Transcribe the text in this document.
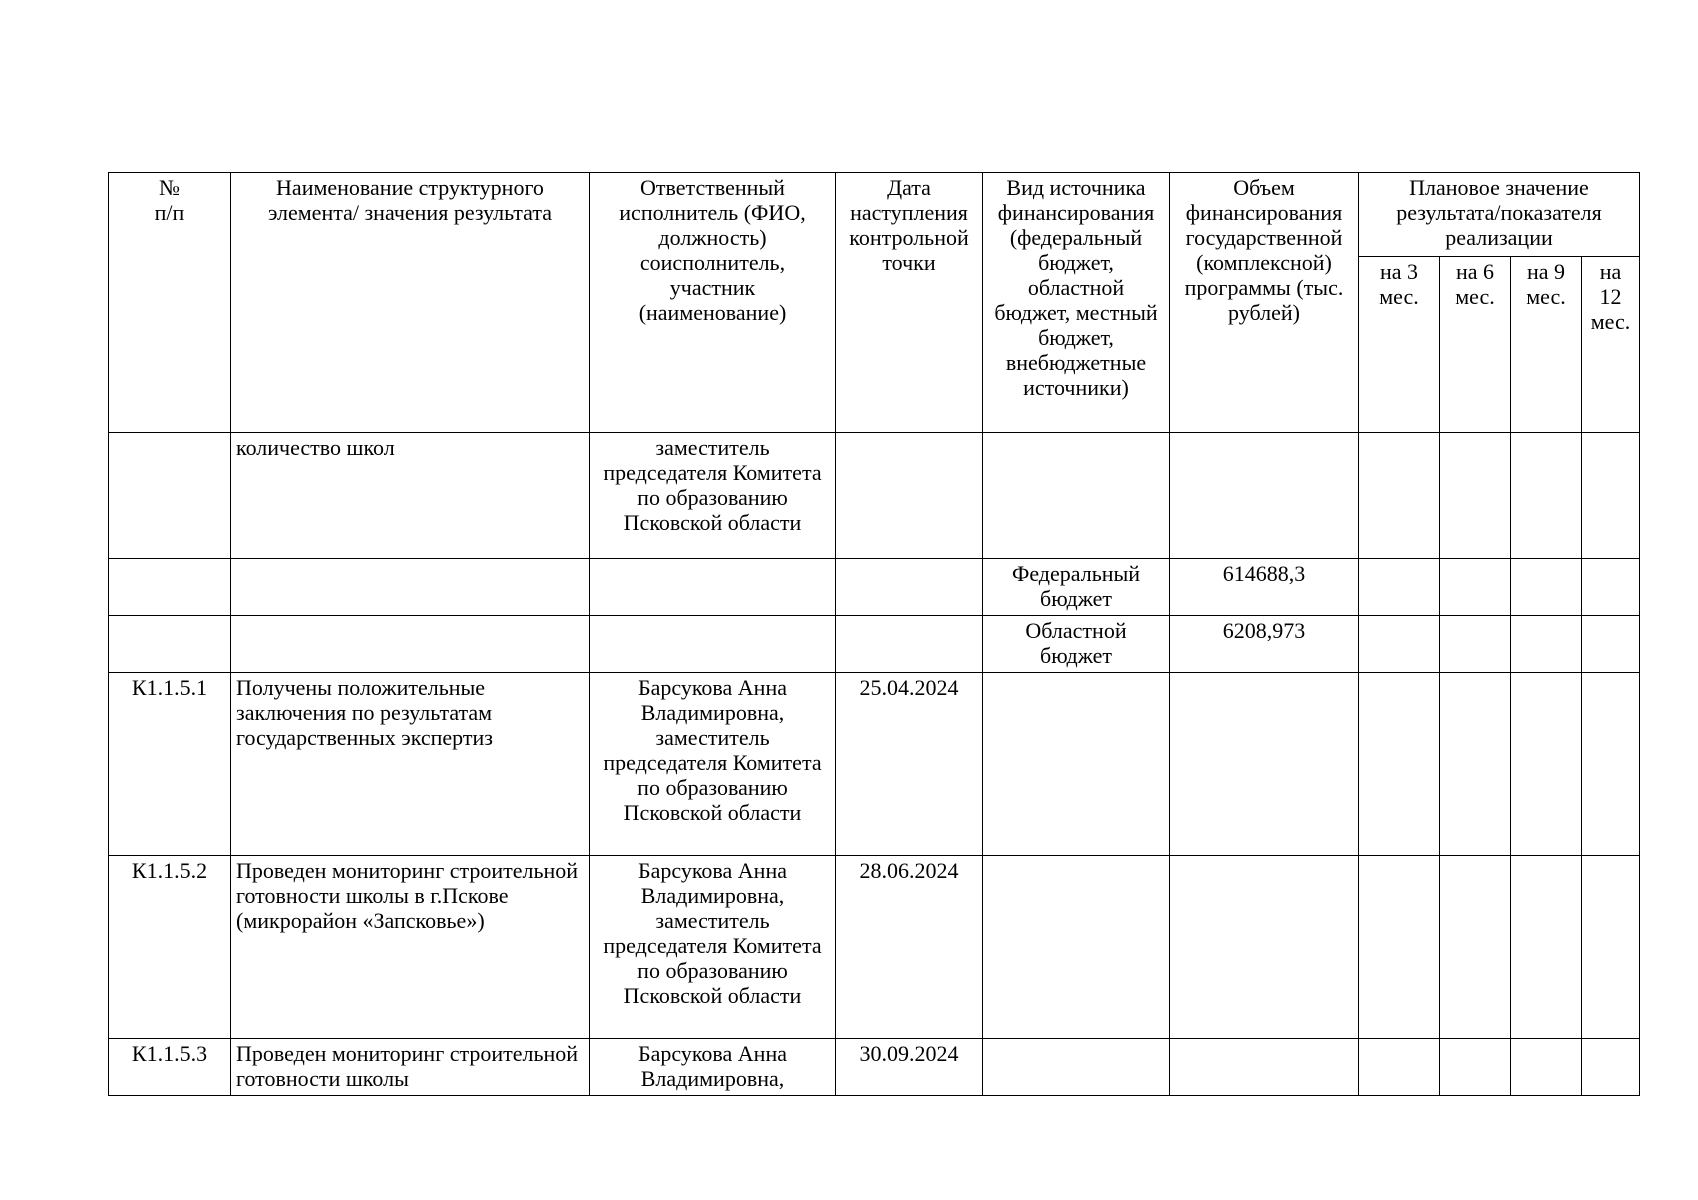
№
п/п	Наименование структурного элемента/ значения результата	Ответственный исполнитель (ФИО, должность) соисполнитель, участник (наименование)	Дата наступления контрольной точки	Вид источника финансирования (федеральный бюджет, областной бюджет, местный бюджет, внебюджетные источники)	Объем финансирования государственной (комплексной) программы (тыс. рублей)	Плановое значение результата/показателя реализации			
						на 3 мес.	на 6 мес.	на 9 мес.	на 12 мес.
	количество школ	заместитель председателя Комитета по образованию Псковской области							
				Федеральный бюджет	614688,3				
				Областной бюджет	6208,973				
К1.1.5.1	Получены положительные заключения по результатам государственных экспертиз	Барсукова Анна Владимировна, заместитель председателя Комитета по образованию Псковской области	25.04.2024						
К1.1.5.2	Проведен мониторинг строительной готовности школы в г.Пскове (микрорайон «Запсковье»)	Барсукова Анна Владимировна, заместитель председателя Комитета по образованию Псковской области	28.06.2024						
К1.1.5.3	Проведен мониторинг строительной готовности школы	Барсукова Анна Владимировна,	30.09.2024						
